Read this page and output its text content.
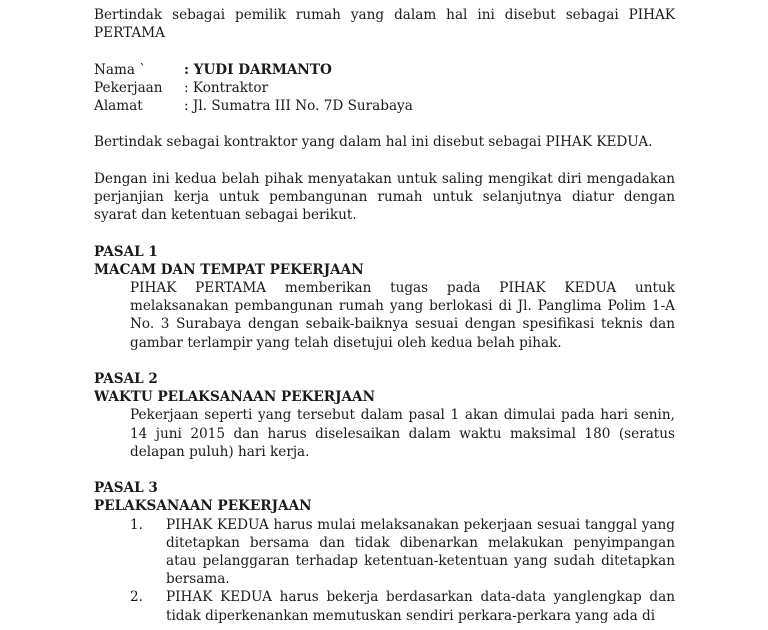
Bertindak sebagai pemilik rumah yang dalam hal ini disebut sebagai PIHAK PERTAMA

Nama `	: YUDI DARMANTO
Pekerjaan	: Kontraktor
Alamat	: Jl. Sumatra III No. 7D Surabaya

Bertindak sebagai kontraktor yang dalam hal ini disebut sebagai PIHAK KEDUA.

Dengan ini kedua belah pihak menyatakan untuk saling mengikat diri mengadakan perjanjian kerja untuk pembangunan rumah untuk selanjutnya diatur dengan syarat dan ketentuan sebagai berikut.

PASAL 1

MACAM DAN TEMPAT PEKERJAAN

PIHAK PERTAMA memberikan tugas pada PIHAK KEDUA untuk melaksanakan pembangunan rumah yang berlokasi di Jl. Panglima Polim 1-A No. 3 Surabaya dengan sebaik-baiknya sesuai dengan spesifikasi teknis dan gambar terlampir yang telah disetujui oleh kedua belah pihak.

PASAL 2

WAKTU PELAKSANAAN PEKERJAAN

Pekerjaan seperti yang tersebut dalam pasal 1 akan dimulai pada hari senin, 14 juni 2015 dan harus diselesaikan dalam waktu maksimal 180 (seratus delapan puluh) hari kerja.

PASAL 3

PELAKSANAAN PEKERJAAN

1.	PIHAK KEDUA harus mulai melaksanakan pekerjaan sesuai tanggal yang ditetapkan bersama dan tidak dibenarkan melakukan penyimpangan atau pelanggaran terhadap ketentuan-ketentuan yang sudah ditetapkan bersama.
2.	PIHAK KEDUA harus bekerja berdasarkan data-data yanglengkap dan tidak diperkenankan memutuskan sendiri perkara-perkara yang ada di
